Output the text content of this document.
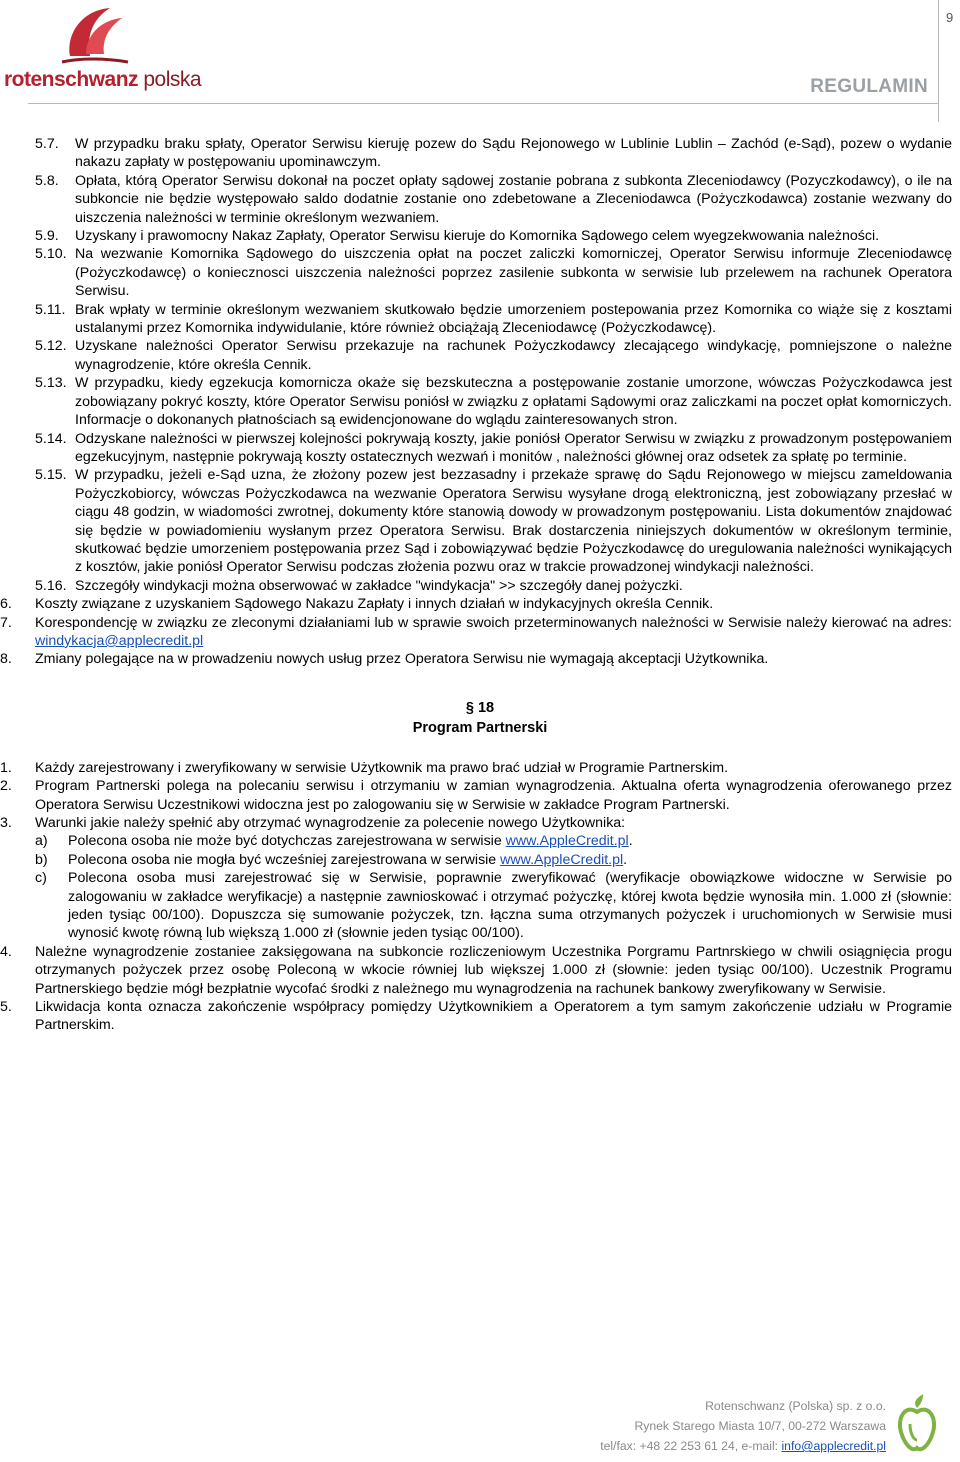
rotenschwanz polska
9
REGULAMIN
5.7. W przypadku braku spłaty, Operator Serwisu kieruję pozew do Sądu Rejonowego w Lublinie Lublin – Zachód (e-Sąd), pozew o wydanie nakazu zapłaty w postępowaniu upominawczym.
5.8. Opłata, którą Operator Serwisu dokonał na poczet opłaty sądowej zostanie pobrana z subkonta Zleceniodawcy (Pozyczkodawcy), o ile na subkoncie nie będzie występowało saldo dodatnie zostanie ono zdebetowane a Zleceniodawca (Pożyczkodawca) zostanie wezwany do uiszczenia należności w terminie określonym wezwaniem.
5.9. Uzyskany i prawomocny Nakaz Zapłaty, Operator Serwisu kieruje do Komornika Sądowego celem wyegzekwowania należności.
5.10. Na wezwanie Komornika Sądowego do uiszczenia opłat na poczet zaliczki komorniczej, Operator Serwisu informuje Zleceniodawcę (Pożyczkodawcę) o koniecznosci uiszczenia należności poprzez zasilenie subkonta w serwisie lub przelewem na rachunek Operatora Serwisu.
5.11. Brak wpłaty w terminie określonym wezwaniem skutkowało będzie umorzeniem postepowania przez Komornika co wiąże się z kosztami ustalanymi przez Komornika indywidulanie, które również obciążają Zleceniodawcę (Pożyczkodawcę).
5.12. Uzyskane należności Operator Serwisu przekazuje na rachunek Pożyczkodawcy zlecającego windykację, pomniejszone o należne wynagrodzenie, które określa Cennik.
5.13. W przypadku, kiedy egzekucja komornicza okaże się bezskuteczna a postępowanie zostanie umorzone, wówczas Pożyczkodawca jest zobowiązany pokryć koszty, które Operator Serwisu poniósł w związku z opłatami Sądowymi oraz zaliczkami na poczet opłat komorniczych. Informacje o dokonanych płatnościach są ewidencjonowane do wglądu zainteresowanych stron.
5.14. Odzyskane należności w pierwszej kolejności pokrywają koszty, jakie poniósł Operator Serwisu w związku z prowadzonym postępowaniem egzekucyjnym, następnie pokrywają koszty ostatecznych wezwań i monitów , należności głównej oraz odsetek za spłatę po terminie.
5.15. W przypadku, jeżeli e-Sąd uzna, że złożony pozew jest bezzasadny i przekaże sprawę do Sądu Rejonowego w miejscu zameldowania Pożyczkobiorcy, wówczas Pożyczkodawca na wezwanie Operatora Serwisu wysyłane drogą elektroniczną, jest zobowiązany przesłać w ciągu 48 godzin, w wiadomości zwrotnej, dokumenty które stanowią dowody w prowadzonym postępowaniu. Lista dokumentów znajdować się będzie w powiadomieniu wysłanym przez Operatora Serwisu. Brak dostarczenia niniejszych dokumentów w określonym terminie, skutkować będzie umorzeniem postępowania przez Sąd i zobowiązywać będzie Pożyczkodawcę do uregulowania należności wynikających z kosztów, jakie poniósł Operator Serwisu podczas złożenia pozwu oraz w trakcie prowadzonej windykacji należności.
5.16. Szczegóły windykacji można obserwować w zakładce "windykacja" >> szczegóły danej pożyczki.
6. Koszty związane z uzyskaniem Sądowego Nakazu Zapłaty i innych działań w indykacyjnych określa Cennik.
7. Korespondencję w związku ze zleconymi działaniami lub w sprawie swoich przeterminowanych należności w Serwisie należy kierować na adres: windykacja@applecredit.pl
8. Zmiany polegające na w prowadzeniu nowych usług przez Operatora Serwisu nie wymagają akceptacji Użytkownika.
§ 18
Program Partnerski
1. Każdy zarejestrowany i zweryfikowany w serwisie Użytkownik ma prawo brać udział w Programie Partnerskim.
2. Program Partnerski polega na polecaniu serwisu i otrzymaniu w zamian wynagrodzenia. Aktualna oferta wynagrodzenia oferowanego przez Operatora Serwisu Uczestnikowi widoczna jest po zalogowaniu się w Serwisie w zakładce Program Partnerski.
3. Warunki jakie należy spełnić aby otrzymać wynagrodzenie za polecenie nowego Użytkownika:
a) Polecona osoba nie może być dotychczas zarejestrowana w serwisie www.AppleCredit.pl.
b) Polecona osoba nie mogła być wcześniej zarejestrowana w serwisie www.AppleCredit.pl.
c) Polecona osoba musi zarejestrować się w Serwisie, poprawnie zweryfikować (weryfikacje obowiązkowe widoczne w Serwisie po zalogowaniu w zakładce weryfikacje) a następnie zawnioskować i otrzymać pożyczkę, której kwota będzie wynosiła min. 1.000 zł (słownie: jeden tysiąc 00/100). Dopuszcza się sumowanie pożyczek, tzn. łączna suma otrzymanych pożyczek i uruchomionych w Serwisie musi wynosić kwotę równą lub większą 1.000 zł (słownie jeden tysiąc 00/100).
4. Należne wynagrodzenie zostaniee zaksięgowana na subkoncie rozliczeniowym Uczestnika Porgramu Partnrskiego w chwili osiągnięcia progu otrzymanych pożyczek przez osobę Poleconą w wkocie równiej lub większej 1.000 zł (słownie: jeden tysiąc 00/100). Uczestnik Programu Partnerskiego będzie mógł bezpłatnie wycofać środki z należnego mu wynagrodzenia na rachunek bankowy zweryfikowany w Serwisie.
5. Likwidacja konta oznacza zakończenie współpracy pomiędzy Użytkownikiem a Operatorem a tym samym zakończenie udziału w Programie Partnerskim.
Rotenschwanz (Polska) sp. z o.o.
Rynek Starego Miasta 10/7, 00-272 Warszawa
tel/fax: +48 22 253 61 24, e-mail: info@applecredit.pl
